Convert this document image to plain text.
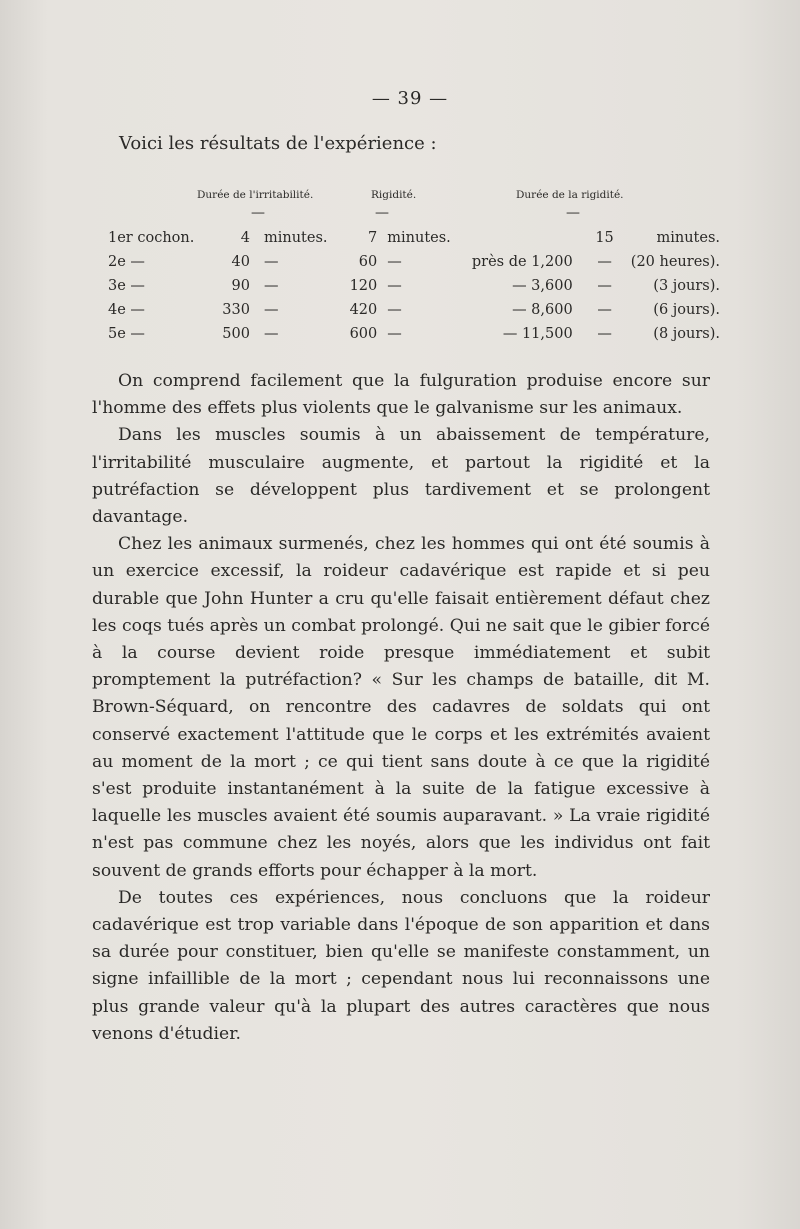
— 39 —
Voici les résultats de l'expérience :
Durée de l'irritabilité.	Rigidité.	Durée de la rigidité.
—	—	—
1er cochon.	4	minutes.	7	minutes.		15	minutes.
2e —	40	—	60	—	près de 1,200	—	(20 heures).
3e —	90	—	120	—	— 3,600	—	(3 jours).
4e —	330	—	420	—	— 8,600	—	(6 jours).
5e —	500	—	600	—	— 11,500	—	(8 jours).

On comprend facilement que la fulguration produise encore sur l'homme des effets plus violents que le galvanisme sur les animaux.

Dans les muscles soumis à un abaissement de température, l'irritabilité musculaire augmente, et partout la rigidité et la putréfaction se développent plus tardivement et se prolongent davantage.

Chez les animaux surmenés, chez les hommes qui ont été soumis à un exercice excessif, la roideur cadavérique est rapide et si peu durable que John Hunter a cru qu'elle faisait entièrement défaut chez les coqs tués après un combat prolongé. Qui ne sait que le gibier forcé à la course devient roide presque immédiatement et subit promptement la putréfaction? « Sur les champs de bataille, dit M. Brown-Séquard, on rencontre des cadavres de soldats qui ont conservé exactement l'attitude que le corps et les extrémités avaient au moment de la mort ; ce qui tient sans doute à ce que la rigidité s'est produite instantanément à la suite de la fatigue excessive à laquelle les muscles avaient été soumis auparavant. » La vraie rigidité n'est pas commune chez les noyés, alors que les individus ont fait souvent de grands efforts pour échapper à la mort.

De toutes ces expériences, nous concluons que la roideur cadavérique est trop variable dans l'époque de son apparition et dans sa durée pour constituer, bien qu'elle se manifeste constamment, un signe infaillible de la mort ; cependant nous lui reconnaissons une plus grande valeur qu'à la plupart des autres caractères que nous venons d'étudier.
